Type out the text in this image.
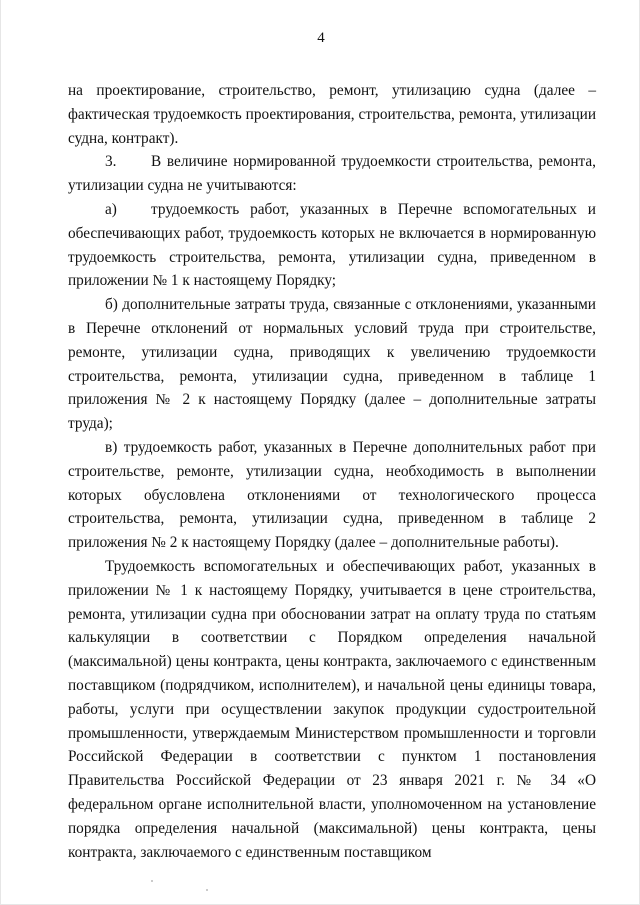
4

на проектирование, строительство, ремонт, утилизацию судна (далее – фактическая трудоемкость проектирования, строительства, ремонта, утилизации судна, контракт).

3. В величине нормированной трудоемкости строительства, ремонта, утилизации судна не учитываются:

а) трудоемкость работ, указанных в Перечне вспомогательных и обеспечивающих работ, трудоемкость которых не включается в нормированную трудоемкость строительства, ремонта, утилизации судна, приведенном в приложении № 1 к настоящему Порядку;

б) дополнительные затраты труда, связанные с отклонениями, указанными в Перечне отклонений от нормальных условий труда при строительстве, ремонте, утилизации судна, приводящих к увеличению трудоемкости строительства, ремонта, утилизации судна, приведенном в таблице 1 приложения № 2 к настоящему Порядку (далее – дополнительные затраты труда);

в) трудоемкость работ, указанных в Перечне дополнительных работ при строительстве, ремонте, утилизации судна, необходимость в выполнении которых обусловлена отклонениями от технологического процесса строительства, ремонта, утилизации судна, приведенном в таблице 2 приложения № 2 к настоящему Порядку (далее – дополнительные работы).

Трудоемкость вспомогательных и обеспечивающих работ, указанных в приложении № 1 к настоящему Порядку, учитывается в цене строительства, ремонта, утилизации судна при обосновании затрат на оплату труда по статьям калькуляции в соответствии с Порядком определения начальной (максимальной) цены контракта, цены контракта, заключаемого с единственным поставщиком (подрядчиком, исполнителем), и начальной цены единицы товара, работы, услуги при осуществлении закупок продукции судостроительной промышленности, утверждаемым Министерством промышленности и торговли Российской Федерации в соответствии с пунктом 1 постановления Правительства Российской Федерации от 23 января 2021 г. № 34 «О федеральном органе исполнительной власти, уполномоченном на установление порядка определения начальной (максимальной) цены контракта, цены контракта, заключаемого с единственным поставщиком
